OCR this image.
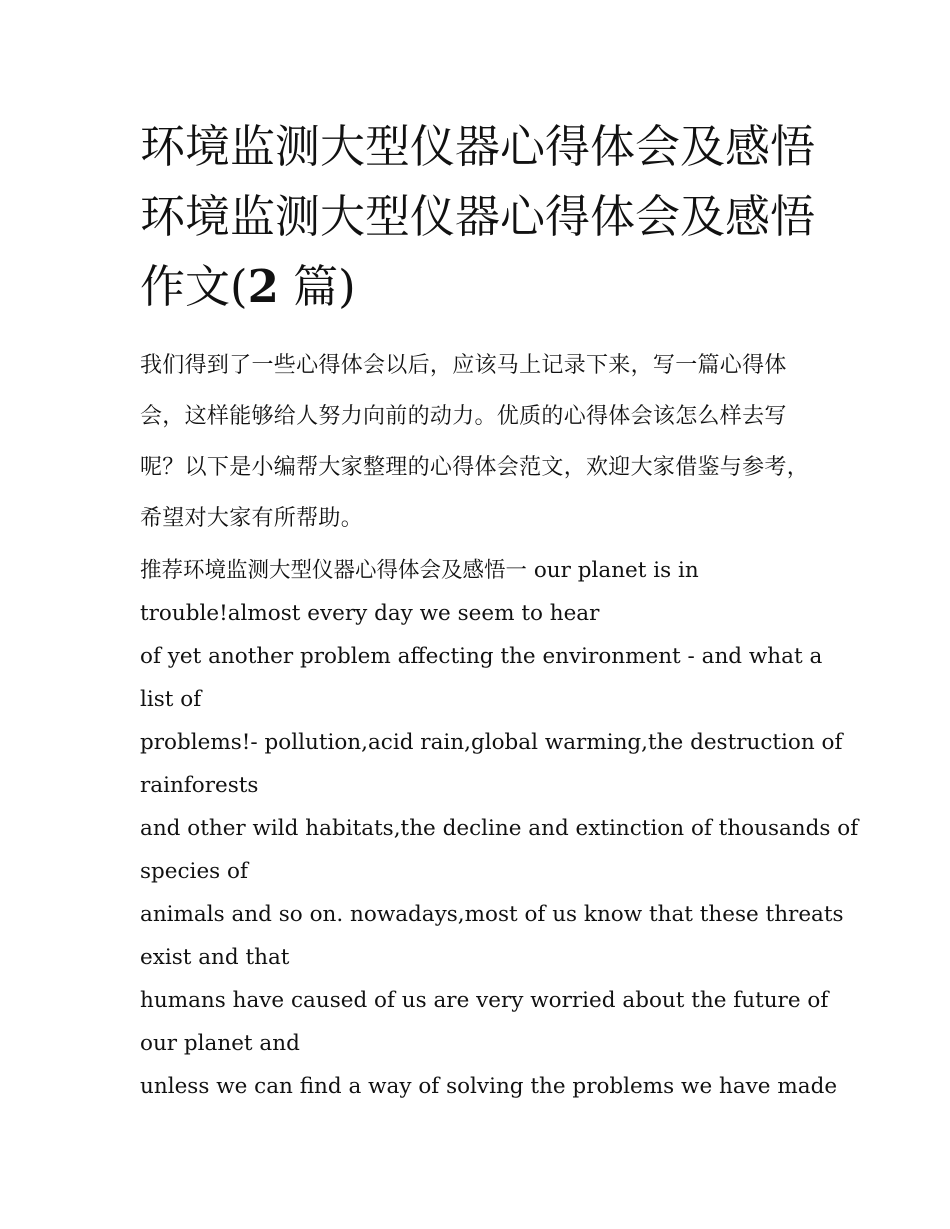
环境监测大型仪器心得体会及感悟 环境监测大型仪器心得体会及感悟作文(2 篇)

我们得到了一些心得体会以后，应该马上记录下来，写一篇心得体会，这样能够给人努力向前的动力。优质的心得体会该怎么样去写呢？以下是小编帮大家整理的心得体会范文，欢迎大家借鉴与参考，希望对大家有所帮助。

推荐环境监测大型仪器心得体会及感悟一 our planet is in
trouble!almost every day we seem to hear
of yet another problem affecting the environment - and what a
list of
problems!- pollution,acid rain,global warming,the destruction of
rainforests
and other wild habitats,the decline and extinction of thousands of
species of
animals and so on. nowadays,most of us know that these threats
exist and that
humans have caused of us are very worried about the future of
our planet and
unless we can find a way of solving the problems we have made
